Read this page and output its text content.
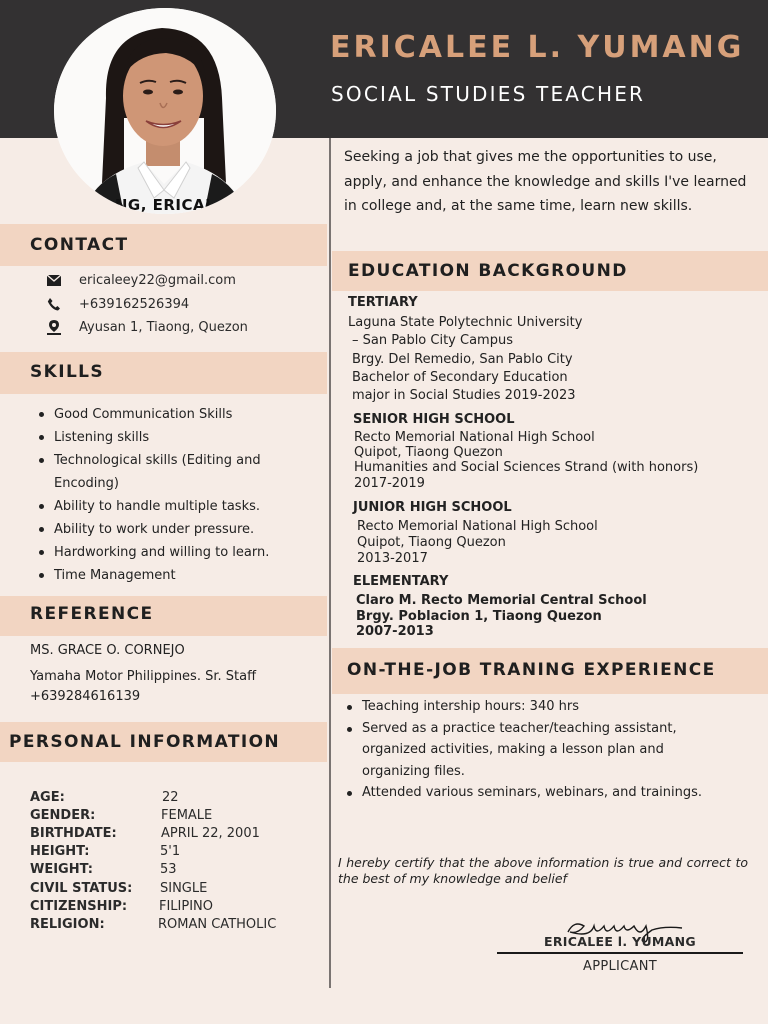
ERICALEE L. YUMANG
SOCIAL STUDIES TEACHER
NG, ERICAL
Seeking a job that gives me the opportunities to use, apply, and enhance the knowledge and skills I've learned in college and, at the same time, learn new skills.
CONTACT
ericaleey22@gmail.com
+639162526394
Ayusan 1, Tiaong, Quezon
SKILLS
Good Communication Skills
Listening skills
Technological skills (Editing and Encoding)
Ability to handle multiple tasks.
Ability to work under pressure.
Hardworking and willing to learn.
Time Management
REFERENCE
MS. GRACE O. CORNEJO
Yamaha Motor Philippines. Sr. Staff
+639284616139
PERSONAL INFORMATION
AGE:	22
GENDER:	FEMALE
BIRTHDATE:	APRIL 22, 2001
HEIGHT:	5'1
WEIGHT:	53
CIVIL STATUS: SINGLE
CITIZENSHIP: FILIPINO
RELIGION:	ROMAN CATHOLIC
EDUCATION BACKGROUND
TERTIARY
Laguna State Polytechnic University
– San Pablo City Campus
Brgy. Del Remedio, San Pablo City
Bachelor of Secondary Education
major in Social Studies 2019-2023
SENIOR HIGH SCHOOL
Recto Memorial National High School
Quipot, Tiaong Quezon
Humanities and Social Sciences Strand (with honors)
2017-2019
JUNIOR HIGH SCHOOL
Recto Memorial National High School
Quipot, Tiaong Quezon
2013-2017
ELEMENTARY
Claro M. Recto Memorial Central School
Brgy. Poblacion 1, Tiaong Quezon
2007-2013
ON-THE-JOB TRANING EXPERIENCE
Teaching intership hours: 340 hrs
Served as a practice teacher/teaching assistant, organized activities, making a lesson plan and organizing files.
Attended various seminars, webinars, and trainings.
I hereby certify that the above information is true and correct to the best of my knowledge and belief
ERICALEE l. YUMANG
APPLICANT
